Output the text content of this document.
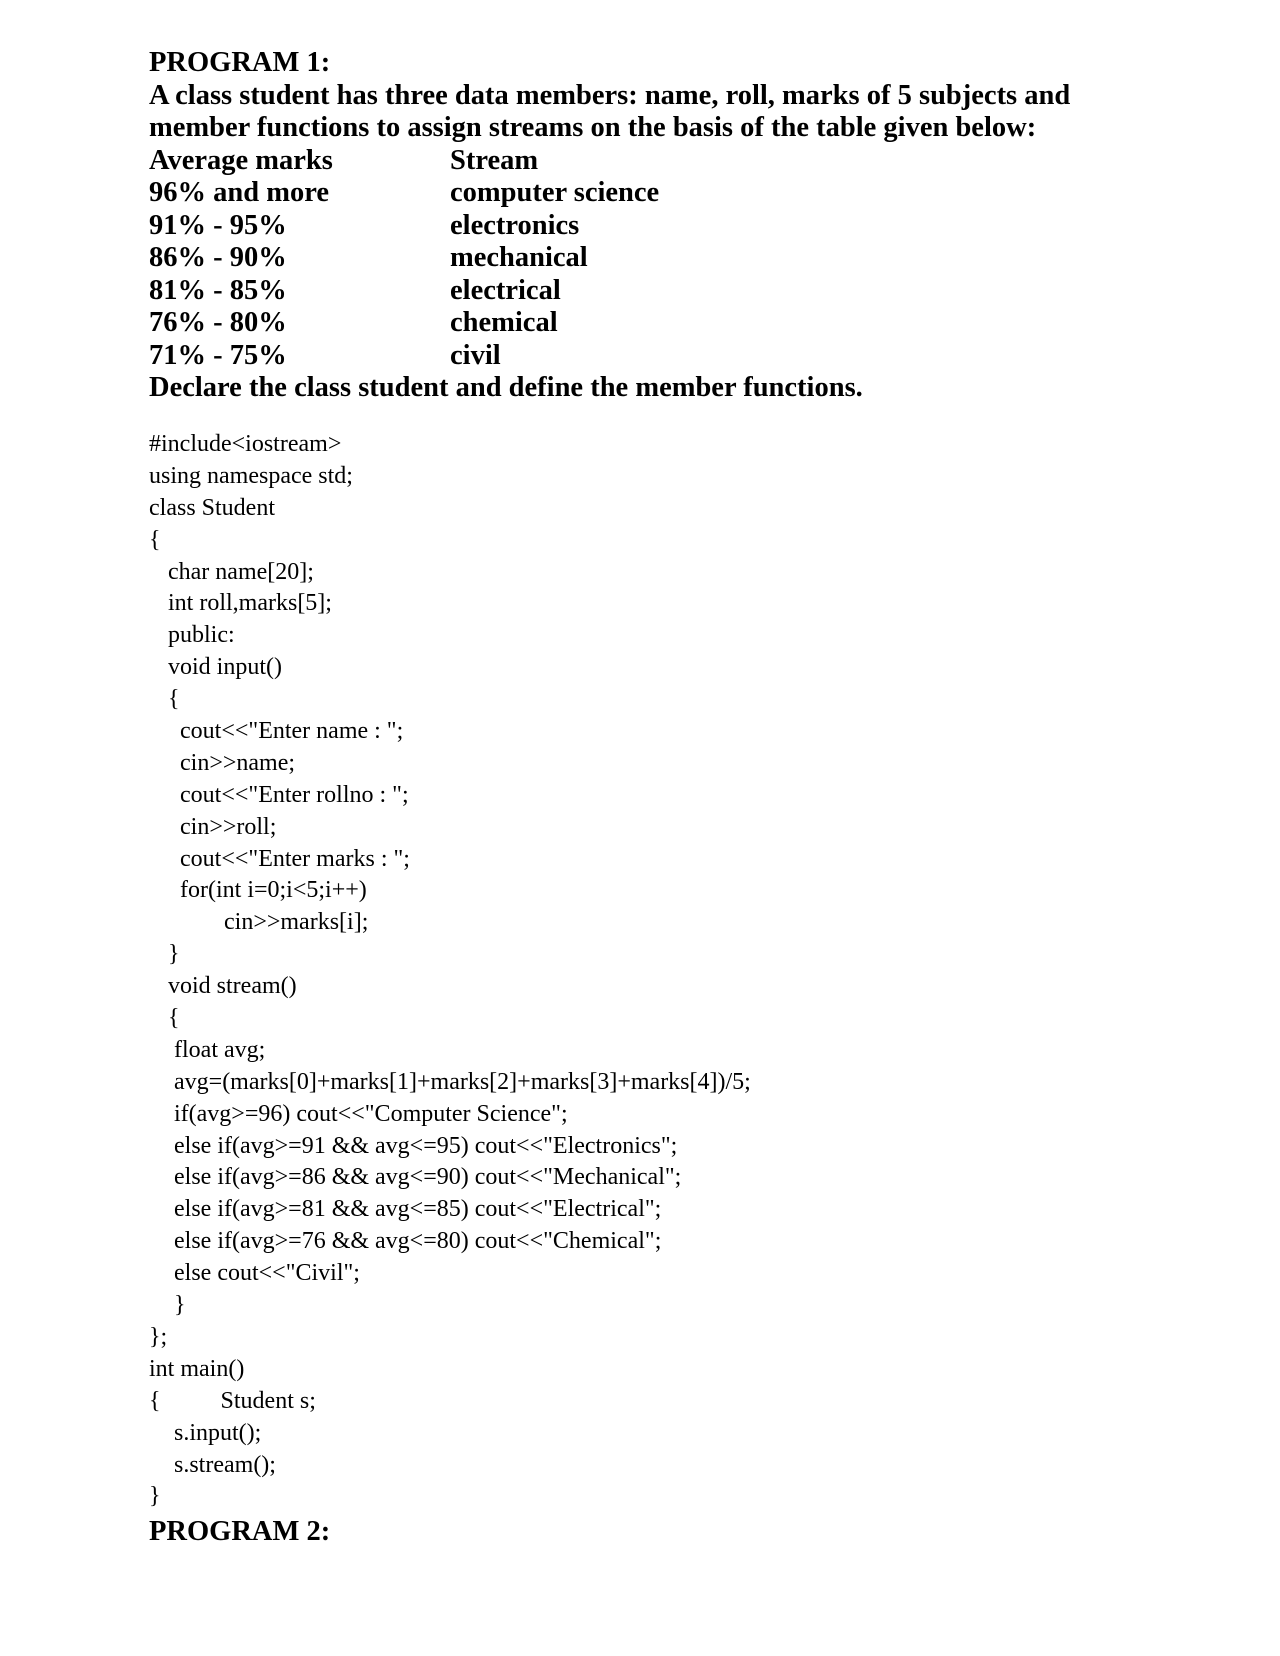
PROGRAM 1:
A class student has three data members: name, roll, marks of 5 subjects and
member functions to assign streams on the basis of the table given below:
Average marks	Stream
96% and more	computer science
91% - 95%	electronics
86% - 90%	mechanical
81% - 85%	electrical
76% - 80%	chemical
71% - 75%	civil
Declare the class student and define the member functions.
#include<iostream>
using namespace std;
class Student
{
char name[20];
int roll,marks[5];
public:
void input()
{
cout<<"Enter name : ";
cin>>name;
cout<<"Enter rollno : ";
cin>>roll;
cout<<"Enter marks : ";
for(int i=0;i<5;i++)
cin>>marks[i];
}
void stream()
{
float avg;
avg=(marks[0]+marks[1]+marks[2]+marks[3]+marks[4])/5;
if(avg>=96) cout<<"Computer Science";
else if(avg>=91 && avg<=95) cout<<"Electronics";
else if(avg>=86 && avg<=90) cout<<"Mechanical";
else if(avg>=81 && avg<=85) cout<<"Electrical";
else if(avg>=76 && avg<=80) cout<<"Chemical";
else cout<<"Civil";
}
};
int main()
{          Student s;
s.input();
s.stream();
}
PROGRAM 2:
